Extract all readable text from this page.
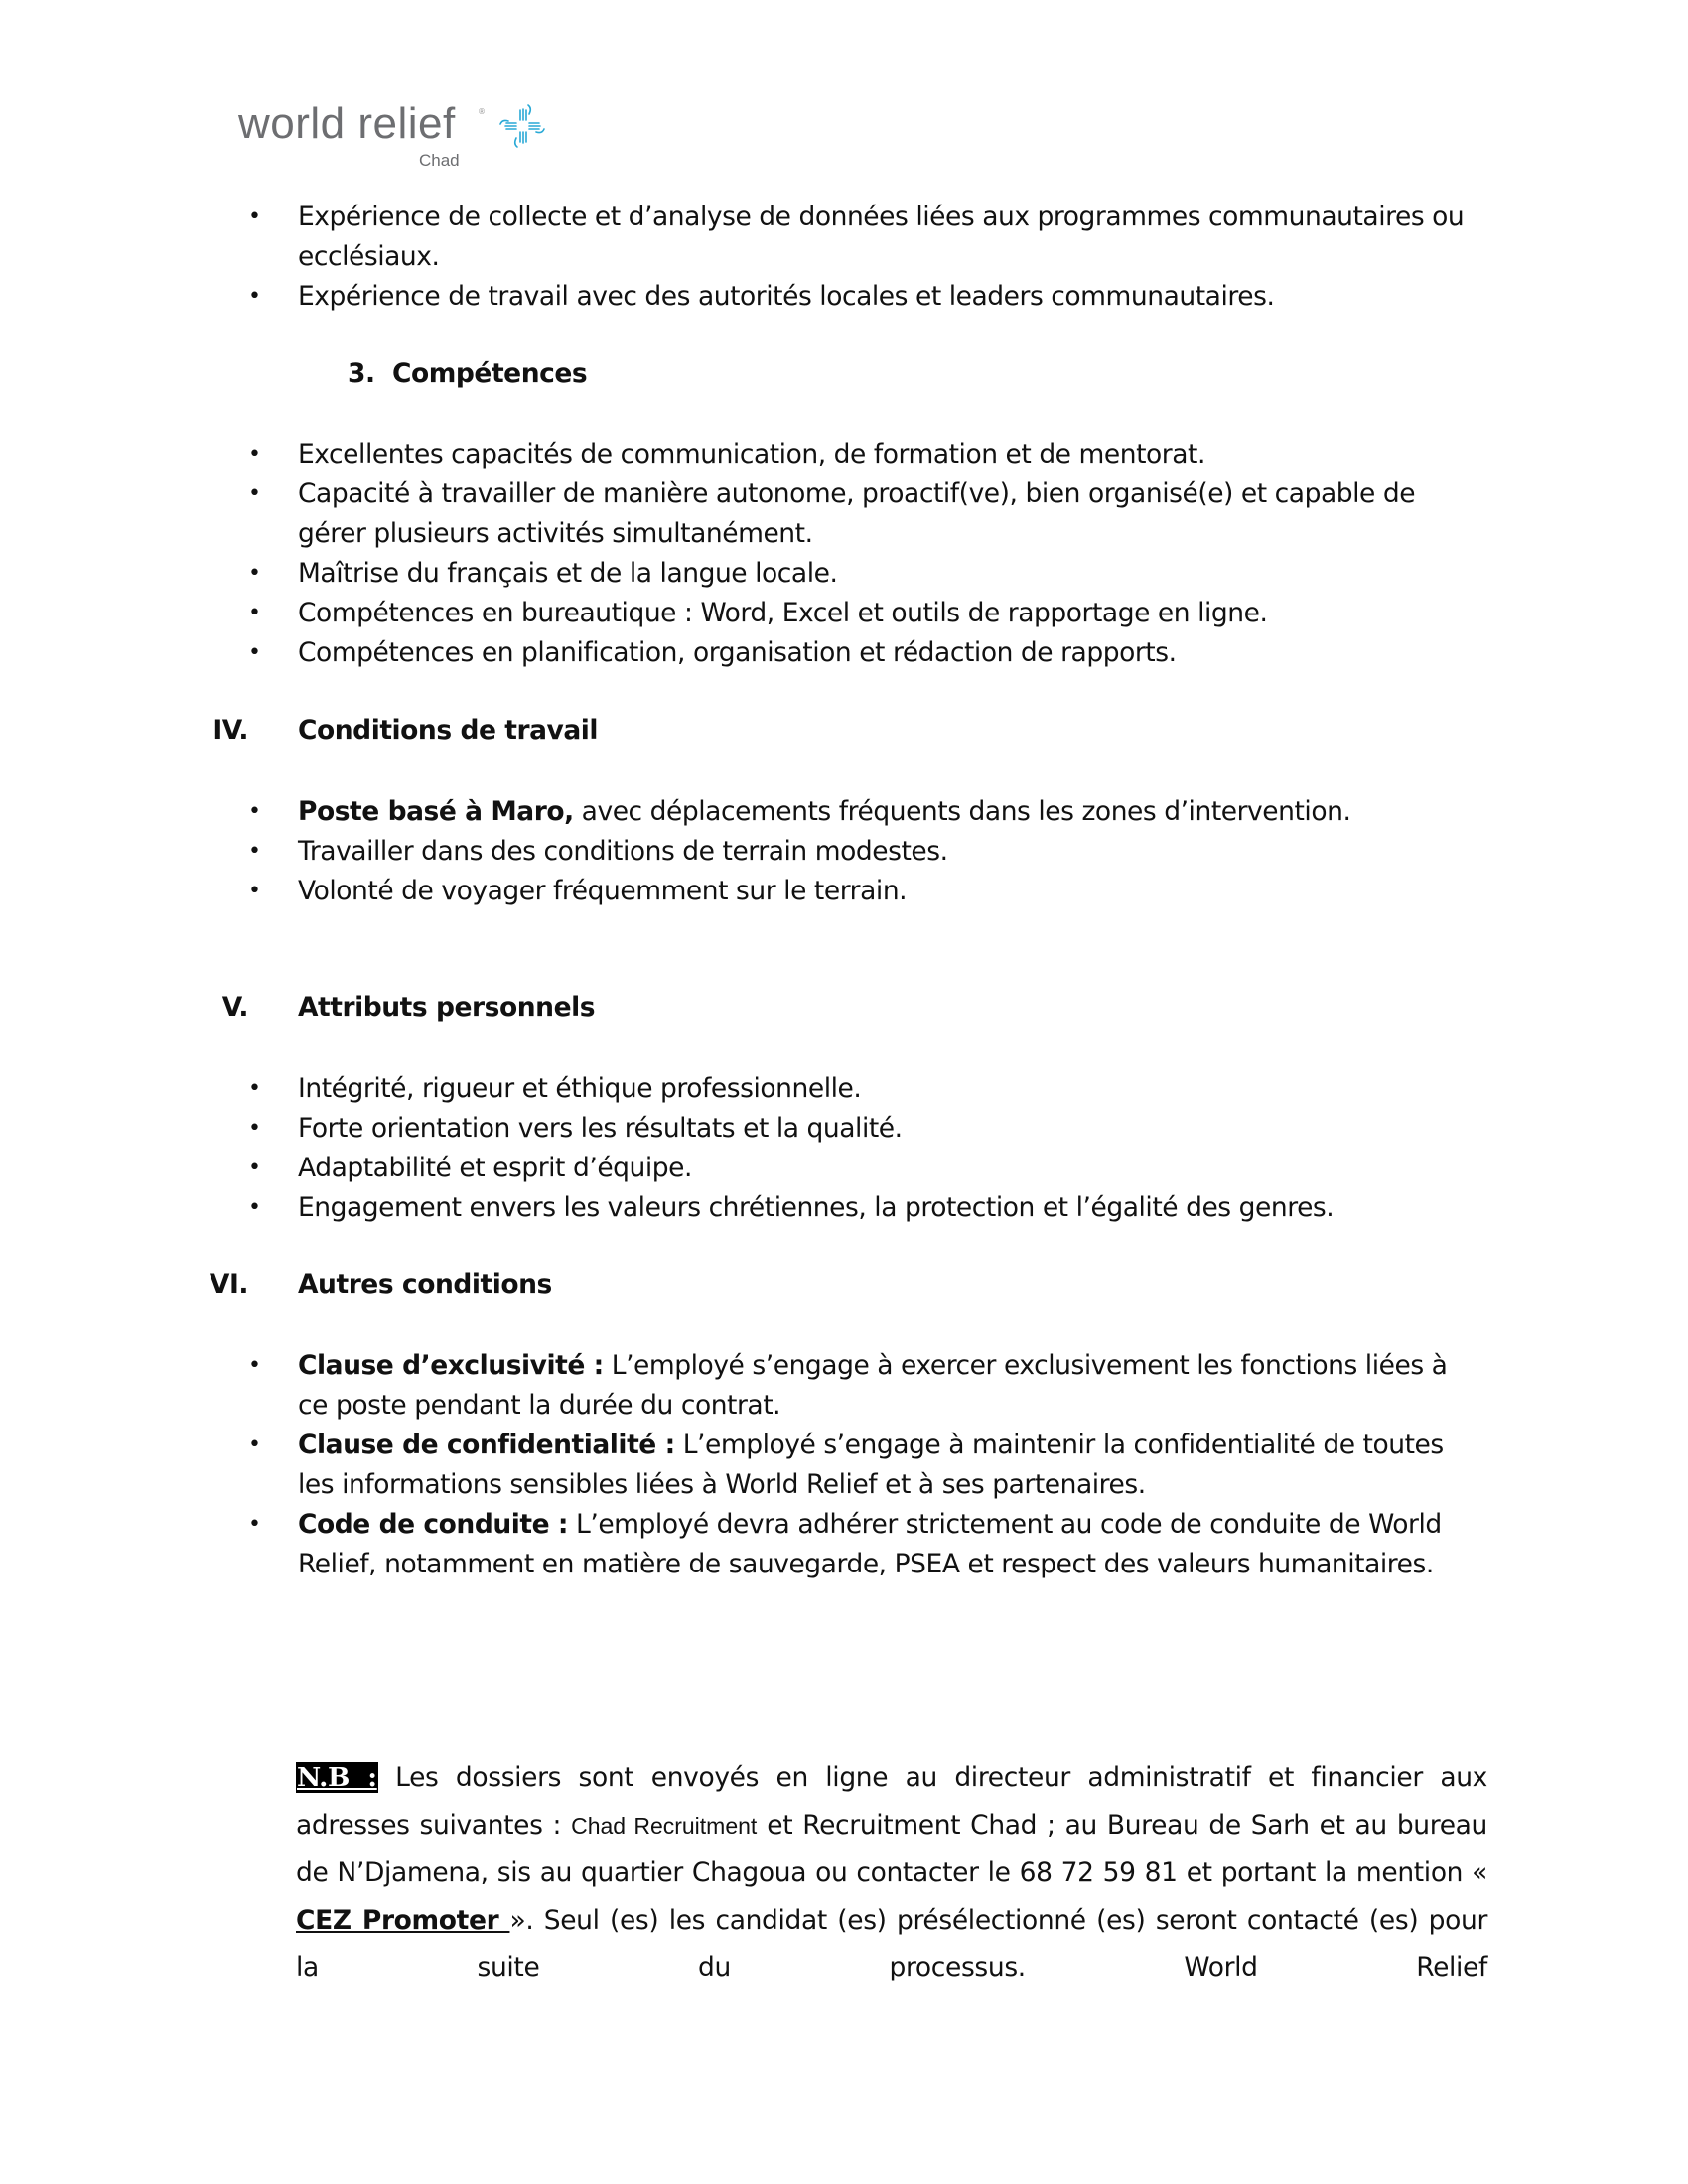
world relief	®
Chad
• Expérience de collecte et d’analyse de données liées aux programmes communautaires ou ecclésiaux.
• Expérience de travail avec des autorités locales et leaders communautaires.
3. Compétences
• Excellentes capacités de communication, de formation et de mentorat.
• Capacité à travailler de manière autonome, proactif(ve), bien organisé(e) et capable de gérer plusieurs activités simultanément.
• Maîtrise du français et de la langue locale.
• Compétences en bureautique : Word, Excel et outils de rapportage en ligne.
• Compétences en planification, organisation et rédaction de rapports.
IV. Conditions de travail
• Poste basé à Maro, avec déplacements fréquents dans les zones d’intervention.
• Travailler dans des conditions de terrain modestes.
• Volonté de voyager fréquemment sur le terrain.
V. Attributs personnels
• Intégrité, rigueur et éthique professionnelle.
• Forte orientation vers les résultats et la qualité.
• Adaptabilité et esprit d’équipe.
• Engagement envers les valeurs chrétiennes, la protection et l’égalité des genres.
VI. Autres conditions
• Clause d’exclusivité : L’employé s’engage à exercer exclusivement les fonctions liées à ce poste pendant la durée du contrat.
• Clause de confidentialité : L’employé s’engage à maintenir la confidentialité de toutes les informations sensibles liées à World Relief et à ses partenaires.
• Code de conduite : L’employé devra adhérer strictement au code de conduite de World Relief, notamment en matière de sauvegarde, PSEA et respect des valeurs humanitaires.

N.B : Les dossiers sont envoyés en ligne au directeur administratif et financier aux adresses suivantes : Chad Recruitment et Recruitment Chad ; au Bureau de Sarh et au bureau de N’Djamena, sis au quartier Chagoua ou contacter le 68 72 59 81 et portant la mention « CEZ Promoter ». Seul (es) les candidat (es) présélectionné (es) seront contacté (es) pour la suite du processus. World Relief
